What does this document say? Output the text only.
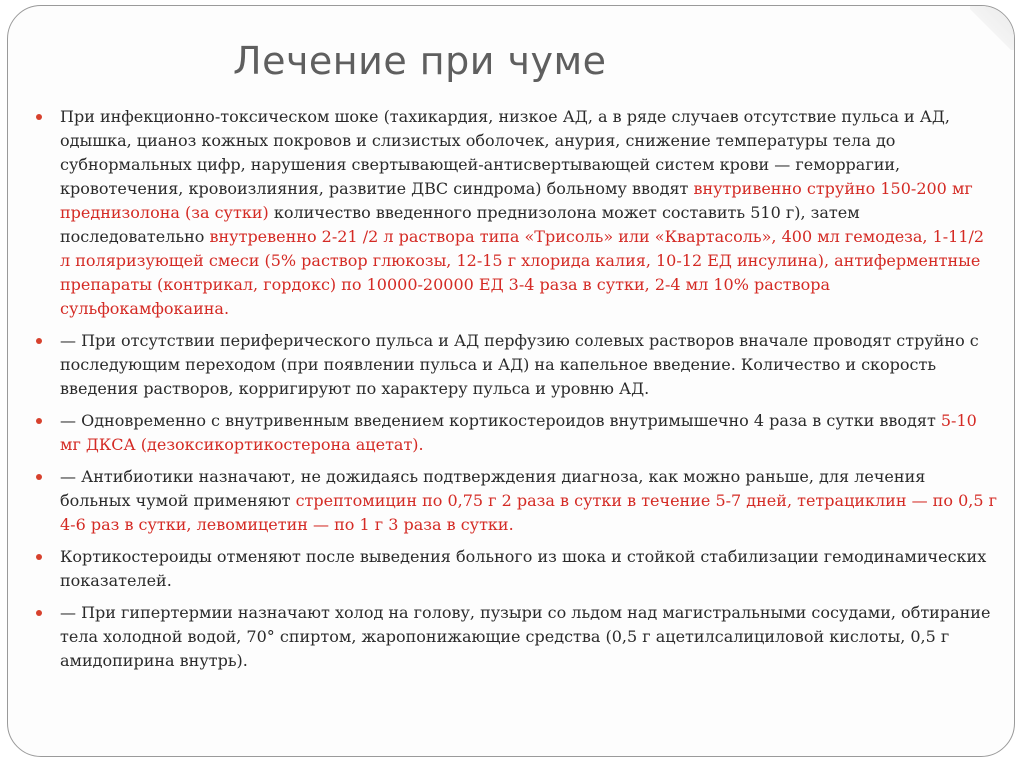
Лечение при чуме
При инфекционно-токсическом шоке (тахикардия, низкое АД, а в ряде случаев отсутствие пульса и АД, одышка, цианоз кожных покровов и слизистых оболочек, анурия, снижение температуры тела до субнормальных цифр, нарушения свертывающей-антисвертывающей систем крови — геморрагии, кровотечения, кровоизлияния, развитие ДВС синдрома) больному вводят внутривенно струйно 150-200 мг преднизолона (за сутки) количество введенного преднизолона может составить 510 г), затем последовательно внутревенно 2-21 /2 л раствора типа «Трисоль» или «Квартасоль», 400 мл гемодеза, 1-11/2 л поляризующей смеси (5% раствор глюкозы, 12-15 г хлорида калия, 10-12 ЕД инсулина), антиферментные препараты (контрикал, гордокс) по 10000-20000 ЕД 3-4 раза в сутки, 2-4 мл 10% раствора сульфокамфокаина.
— При отсутствии периферического пульса и АД перфузию солевых растворов вначале проводят струйно с последующим переходом (при появлении пульса и АД) на капельное введение. Количество и скорость введения растворов, корригируют по характеру пульса и уровню АД.
— Одновременно с внутривенным введением кортикостероидов внутримышечно 4 раза в сутки вводят 5-10 мг ДКСА (дезоксикортикостерона ацетат).
— Антибиотики назначают, не дожидаясь подтверждения диагноза, как можно раньше, для лечения больных чумой применяют стрептомицин по 0,75 г 2 раза в сутки в течение 5-7 дней, тетрациклин — по 0,5 г 4-6 раз в сутки, левомицетин — по 1 г 3 раза в сутки.
Кортикостероиды отменяют после выведения больного из шока и стойкой стабилизации гемодинамических показателей.
— При гипертермии назначают холод на голову, пузыри со льдом над магистральными сосудами, обтирание тела холодной водой, 70° спиртом, жаропонижающие средства (0,5 г ацетилсалициловой кислоты, 0,5 г амидопирина внутрь).
